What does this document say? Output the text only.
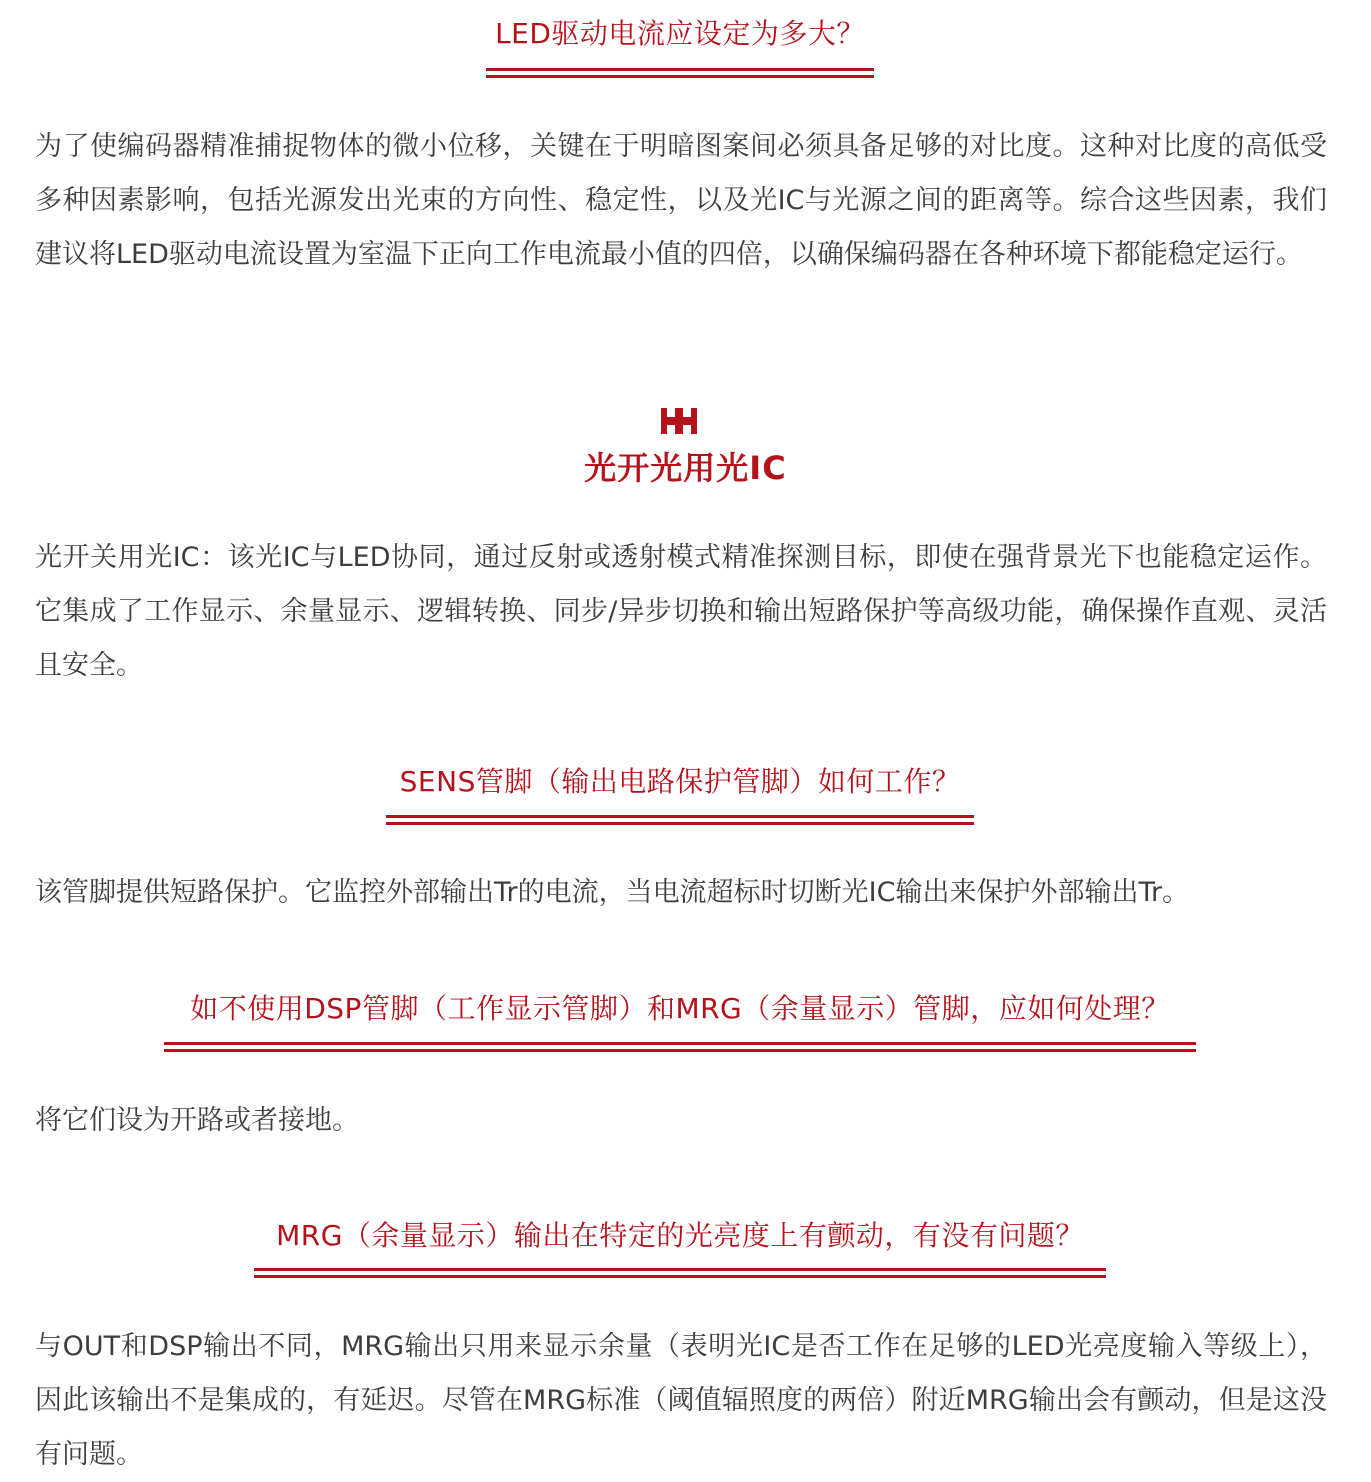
LED驱动电流应设定为多大？

为了使编码器精准捕捉物体的微小位移，关键在于明暗图案间必须具备足够的对比度。这种对比度的高低受多种因素影响，包括光源发出光束的方向性、稳定性，以及光IC与光源之间的距离等。综合这些因素，我们建议将LED驱动电流设置为室温下正向工作电流最小值的四倍，以确保编码器在各种环境下都能稳定运行。

光开光用光IC

光开关用光IC：该光IC与LED协同，通过反射或透射模式精准探测目标，即使在强背景光下也能稳定运作。它集成了工作显示、余量显示、逻辑转换、同步/异步切换和输出短路保护等高级功能，确保操作直观、灵活且安全。

SENS管脚（输出电路保护管脚）如何工作？

该管脚提供短路保护。它监控外部输出Tr的电流，当电流超标时切断光IC输出来保护外部输出Tr。

如不使用DSP管脚（工作显示管脚）和MRG（余量显示）管脚，应如何处理？

将它们设为开路或者接地。

MRG（余量显示）输出在特定的光亮度上有颤动，有没有问题？

与OUT和DSP输出不同，MRG输出只用来显示余量（表明光IC是否工作在足够的LED光亮度输入等级上），因此该输出不是集成的，有延迟。尽管在MRG标准（阈值辐照度的两倍）附近MRG输出会有颤动，但是这没有问题。
